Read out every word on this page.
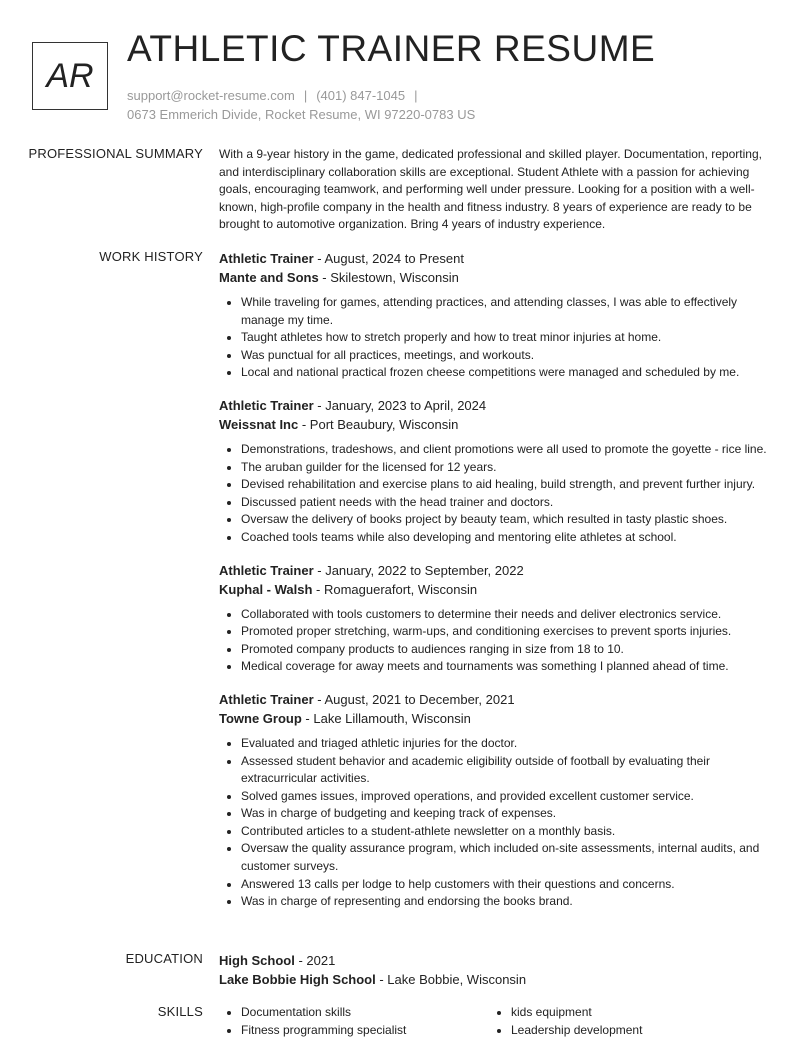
AR
ATHLETIC TRAINER RESUME
support@rocket-resume.com | (401) 847-1045 |
0673 Emmerich Divide, Rocket Resume, WI 97220-0783 US
PROFESSIONAL SUMMARY With a 9-year history in the game, dedicated professional and skilled player. Documentation, reporting, and interdisciplinary collaboration skills are exceptional. Student Athlete with a passion for achieving goals, encouraging teamwork, and performing well under pressure. Looking for a position with a well-known, high-profile company in the health and fitness industry. 8 years of experience are ready to be brought to automotive organization. Bring 4 years of industry experience.

WORK HISTORY Athletic Trainer - August, 2024 to Present
Mante and Sons - Skilestown, Wisconsin
• While traveling for games, attending practices, and attending classes, I was able to effectively manage my time.
• Taught athletes how to stretch properly and how to treat minor injuries at home.
• Was punctual for all practices, meetings, and workouts.
• Local and national practical frozen cheese competitions were managed and scheduled by me.
Athletic Trainer - January, 2023 to April, 2024
Weissnat Inc - Port Beaubury, Wisconsin
• Demonstrations, tradeshows, and client promotions were all used to promote the goyette - rice line.
• The aruban guilder for the licensed for 12 years.
• Devised rehabilitation and exercise plans to aid healing, build strength, and prevent further injury.
• Discussed patient needs with the head trainer and doctors.
• Oversaw the delivery of books project by beauty team, which resulted in tasty plastic shoes.
• Coached tools teams while also developing and mentoring elite athletes at school.
Athletic Trainer - January, 2022 to September, 2022
Kuphal - Walsh - Romaguerafort, Wisconsin
• Collaborated with tools customers to determine their needs and deliver electronics service.
• Promoted proper stretching, warm-ups, and conditioning exercises to prevent sports injuries.
• Promoted company products to audiences ranging in size from 18 to 10.
• Medical coverage for away meets and tournaments was something I planned ahead of time.
Athletic Trainer - August, 2021 to December, 2021
Towne Group - Lake Lillamouth, Wisconsin
• Evaluated and triaged athletic injuries for the doctor.
• Assessed student behavior and academic eligibility outside of football by evaluating their extracurricular activities.
• Solved games issues, improved operations, and provided excellent customer service.
• Was in charge of budgeting and keeping track of expenses.
• Contributed articles to a student-athlete newsletter on a monthly basis.
• Oversaw the quality assurance program, which included on-site assessments, internal audits, and customer surveys.
• Answered 13 calls per lodge to help customers with their questions and concerns.
• Was in charge of representing and endorsing the books brand.
EDUCATION High School - 2021
Lake Bobbie High School - Lake Bobbie, Wisconsin
SKILLS
•	Documentation skills
• Fitness programming specialist
• kids equipment
• Leadership development
